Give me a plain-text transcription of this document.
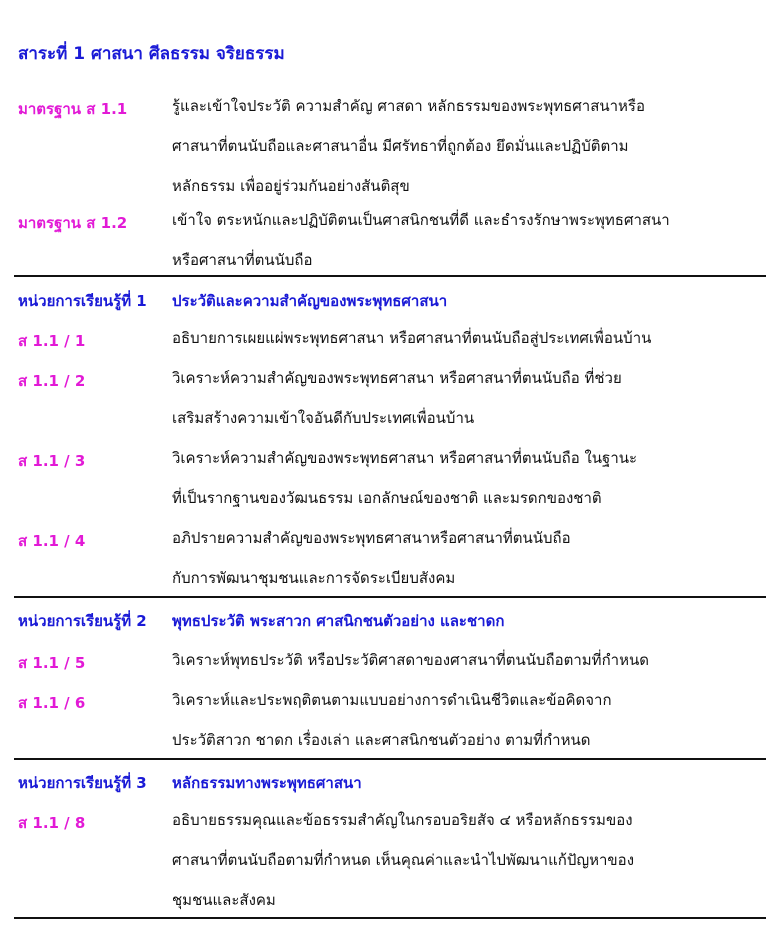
สาระที่ 1 ศาสนา ศีลธรรม จริยธรรม
มาตรฐาน ส 1.1	รู้และเข้าใจประวัติ ความสำคัญ ศาสดา หลักธรรมของพระพุทธศาสนาหรือ
ศาสนาที่ตนนับถือและศาสนาอื่น มีศรัทธาที่ถูกต้อง ยึดมั่นและปฏิบัติตาม
หลักธรรม เพื่ออยู่ร่วมกันอย่างสันติสุข
มาตรฐาน ส 1.2	เข้าใจ ตระหนักและปฏิบัติตนเป็นศาสนิกชนที่ดี และธำรงรักษาพระพุทธศาสนา
หรือศาสนาที่ตนนับถือ
หน่วยการเรียนรู้ที่ 1 ประวัติและความสำคัญของพระพุทธศาสนา
ส 1.1 / 1	อธิบายการเผยแผ่พระพุทธศาสนา หรือศาสนาที่ตนนับถือสู่ประเทศเพื่อนบ้าน
ส 1.1 / 2	วิเคราะห์ความสำคัญของพระพุทธศาสนา หรือศาสนาที่ตนนับถือ ที่ช่วย
เสริมสร้างความเข้าใจอันดีกับประเทศเพื่อนบ้าน
ส 1.1 / 3	วิเคราะห์ความสำคัญของพระพุทธศาสนา หรือศาสนาที่ตนนับถือ ในฐานะ
ที่เป็นรากฐานของวัฒนธรรม เอกลักษณ์ของชาติ และมรดกของชาติ
ส 1.1 / 4	อภิปรายความสำคัญของพระพุทธศาสนาหรือศาสนาที่ตนนับถือ
กับการพัฒนาชุมชนและการจัดระเบียบสังคม
หน่วยการเรียนรู้ที่ 2 พุทธประวัติ พระสาวก ศาสนิกชนตัวอย่าง และชาดก
ส 1.1 / 5	วิเคราะห์พุทธประวัติ หรือประวัติศาสดาของศาสนาที่ตนนับถือตามที่กำหนด
ส 1.1 / 6	วิเคราะห์และประพฤติตนตามแบบอย่างการดำเนินชีวิตและข้อคิดจาก
ประวัติสาวก ชาดก เรื่องเล่า และศาสนิกชนตัวอย่าง ตามที่กำหนด
หน่วยการเรียนรู้ที่ 3 หลักธรรมทางพระพุทธศาสนา
ส 1.1 / 8	อธิบายธรรมคุณและข้อธรรมสำคัญในกรอบอริยสัจ ๔ หรือหลักธรรมของ
ศาสนาที่ตนนับถือตามที่กำหนด เห็นคุณค่าและนำไปพัฒนาแก้ปัญหาของ
ชุมชนและสังคม
